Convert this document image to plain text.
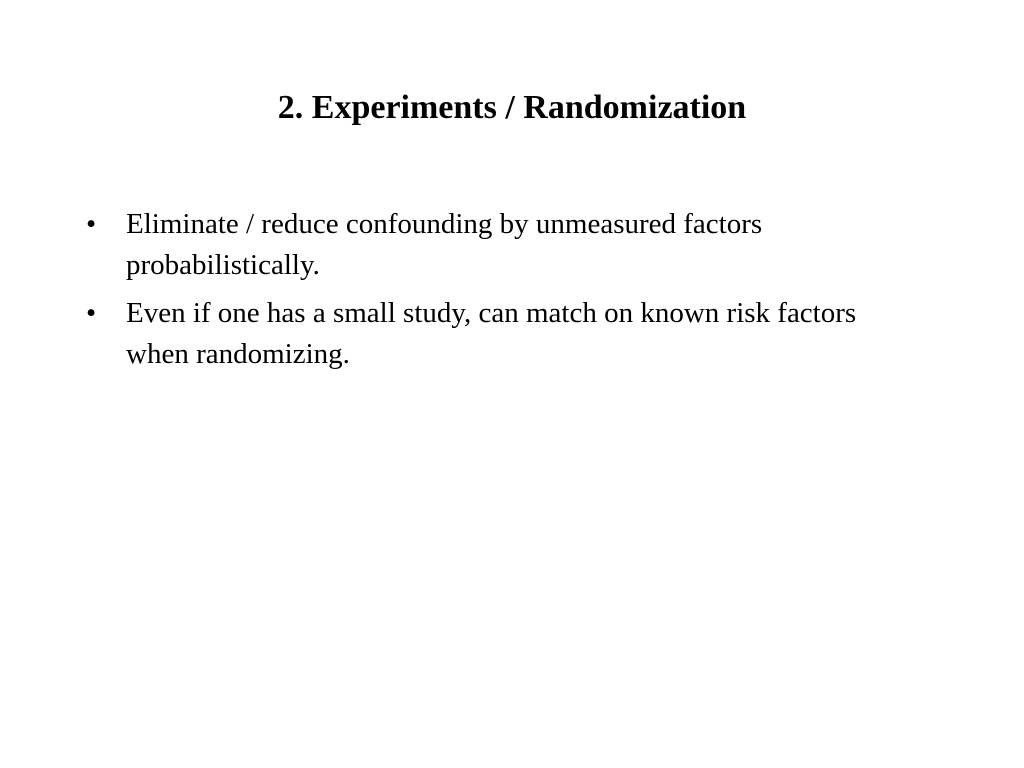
2. Experiments / Randomization
•	Eliminate / reduce confounding by unmeasured factors probabilistically.
•	Even if one has a small study, can match on known risk factors when randomizing.
